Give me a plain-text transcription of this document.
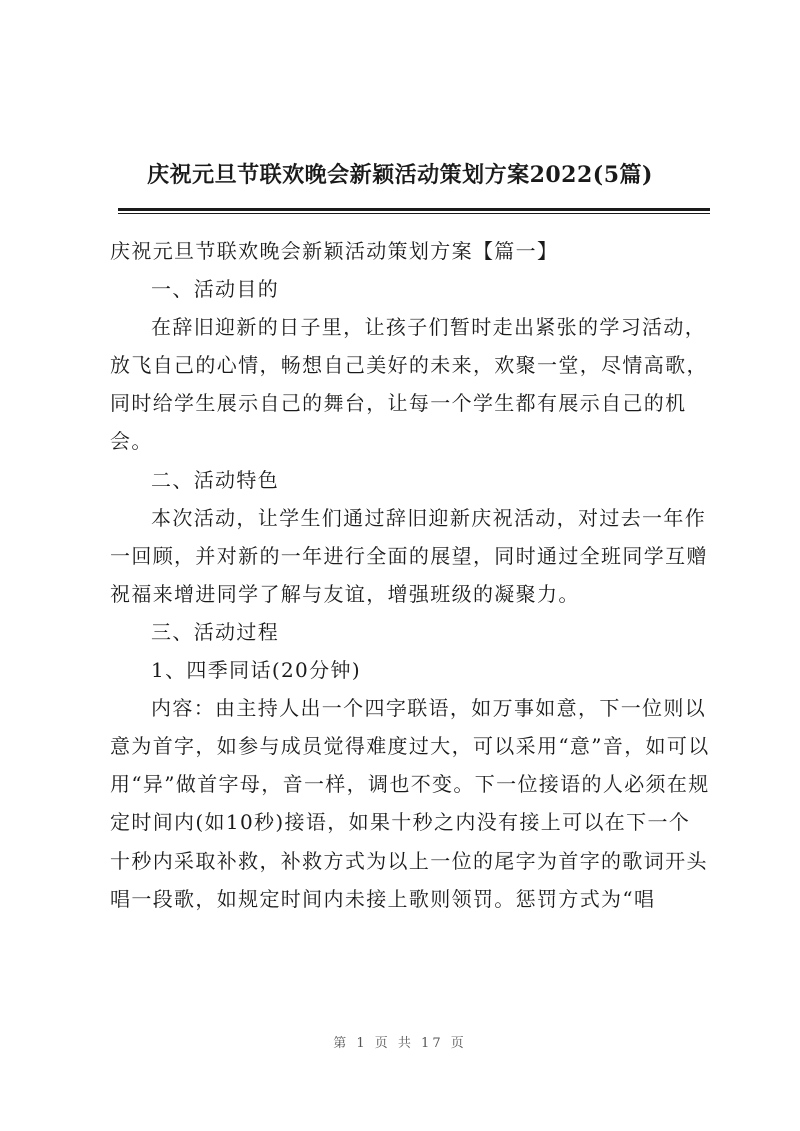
庆祝元旦节联欢晚会新颖活动策划方案2022(5篇)

庆祝元旦节联欢晚会新颖活动策划方案【篇一】

一、活动目的

在辞旧迎新的日子里，让孩子们暂时走出紧张的学习活动，放飞自己的心情，畅想自己美好的未来，欢聚一堂，尽情高歌，同时给学生展示自己的舞台，让每一个学生都有展示自己的机会。

二、活动特色

本次活动，让学生们通过辞旧迎新庆祝活动，对过去一年作一回顾，并对新的一年进行全面的展望，同时通过全班同学互赠祝福来增进同学了解与友谊，增强班级的凝聚力。

三、活动过程

1、四季同话(20分钟)

内容：由主持人出一个四字联语，如万事如意，下一位则以意为首字，如参与成员觉得难度过大，可以采用“意”音，如可以用“异”做首字母，音一样，调也不变。下一位接语的人必须在规定时间内(如10秒)接语，如果十秒之内没有接上可以在下一个十秒内采取补救，补救方式为以上一位的尾字为首字的歌词开头唱一段歌，如规定时间内未接上歌则领罚。惩罚方式为“唱

第 1 页 共 17 页
